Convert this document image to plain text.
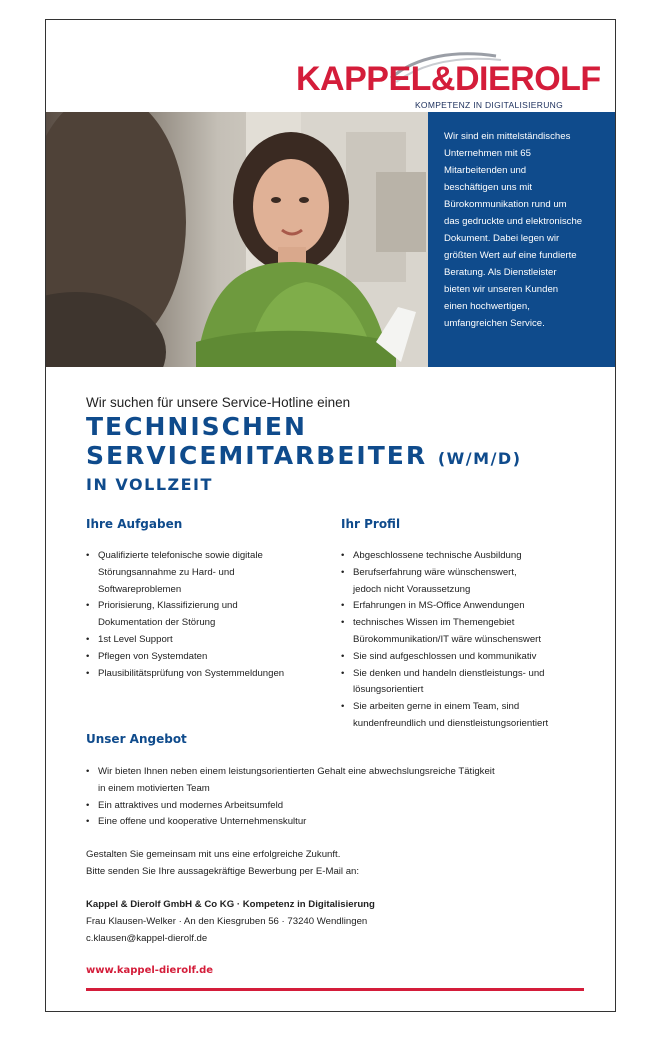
KAPPEL&DIEROLF
KOMPETENZ IN DIGITALISIERUNG

Wir sind ein mittelständisches

Unternehmen mit 65

Mitarbeitenden und

beschäftigen uns mit

Bürokommunikation rund um

das gedruckte und elektronische

Dokument. Dabei legen wir

größten Wert auf eine fundierte

Beratung. Als Dienstleister

bieten wir unseren Kunden

einen hochwertigen,

umfangreichen Service.

Wir suchen für unsere Service-Hotline einen
TECHNISCHEN
SERVICEMITARBEITER (W/M/D)
IN VOLLZEIT
Ihre Aufgaben
• Qualifizierte telefonische sowie digitale
Störungsannahme zu Hard- und
Softwareproblemen
• Priorisierung, Klassifizierung und
Dokumentation der Störung
• 1st Level Support
• Pflegen von Systemdaten
• Plausibilitätsprüfung von Systemmeldungen
Ihr Profil
• Abgeschlossene technische Ausbildung
• Berufserfahrung wäre wünschenswert,
jedoch nicht Voraussetzung
• Erfahrungen in MS-Office Anwendungen
• technisches Wissen im Themengebiet
Bürokommunikation/IT wäre wünschenswert
• Sie sind aufgeschlossen und kommunikativ
• Sie denken und handeln dienstleistungs- und
lösungsorientiert
• Sie arbeiten gerne in einem Team, sind
kundenfreundlich und dienstleistungsorientiert
Unser Angebot
• Wir bieten Ihnen neben einem leistungsorientierten Gehalt eine abwechslungsreiche Tätigkeit
in einem motivierten Team
• Ein attraktives und modernes Arbeitsumfeld
• Eine offene und kooperative Unternehmenskultur
Gestalten Sie gemeinsam mit uns eine erfolgreiche Zukunft.
Bitte senden Sie Ihre aussagekräftige Bewerbung per E-Mail an:
Kappel & Dierolf GmbH & Co KG · Kompetenz in Digitalisierung
Frau Klausen-Welker · An den Kiesgruben 56 · 73240 Wendlingen
c.klausen@kappel-dierolf.de
www.kappel-dierolf.de
